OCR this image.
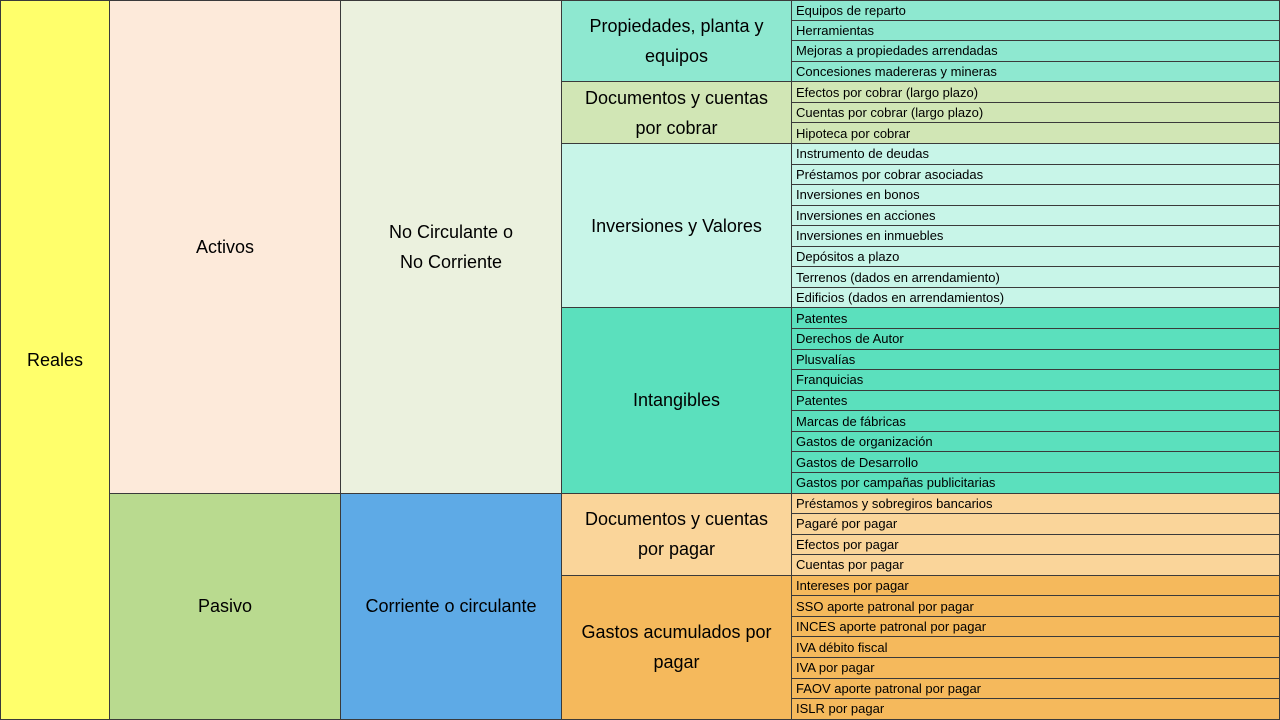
Reales
Activos
Pasivo
No Circulante o
No Corriente
Corriente o circulante
Propiedades, planta y
equipos
Documentos y cuentas
por cobrar
Inversiones y Valores
Intangibles
Documentos y cuentas
por pagar
Gastos acumulados por
pagar
Equipos de reparto
Herramientas
Mejoras a propiedades arrendadas
Concesiones madereras y mineras
Efectos por cobrar (largo plazo)
Cuentas por cobrar (largo plazo)
Hipoteca por cobrar
Instrumento de deudas
Préstamos por cobrar asociadas
Inversiones en bonos
Inversiones en acciones
Inversiones en inmuebles
Depósitos a plazo
Terrenos (dados en arrendamiento)
Edificios (dados en arrendamientos)
Patentes
Derechos de Autor
Plusvalías
Franquicias
Patentes
Marcas de fábricas
Gastos de organización
Gastos de Desarrollo
Gastos por campañas publicitarias
Préstamos y sobregiros bancarios
Pagaré por pagar
Efectos por pagar
Cuentas por pagar
Intereses por pagar
SSO aporte patronal por pagar
INCES aporte patronal por pagar
IVA débito fiscal
IVA por pagar
FAOV aporte patronal por pagar
ISLR por pagar
